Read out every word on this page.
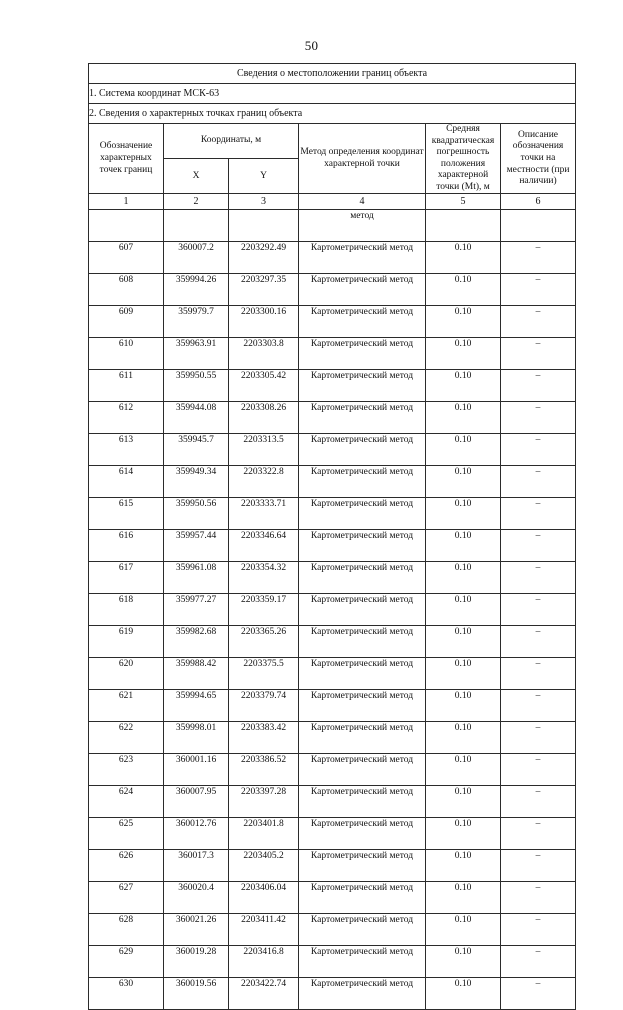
50
Сведения о местоположении границ объекта					
1. Система координат МСК-63					
2. Сведения о характерных точках границ объекта					
Обозначение характерных точек границ	Координаты, м		Метод определения координат характерной точки	Средняя квадратическая погрешность положения характерной точки (Мt), м	Описание обозначения точки на местности (при наличии)
	X	Y			
1	2	3	4	5	6
			метод		
607	360007.2	2203292.49	Картометрический метод	0.10	–
608	359994.26	2203297.35	Картометрический метод	0.10	–
609	359979.7	2203300.16	Картометрический метод	0.10	–
610	359963.91	2203303.8	Картометрический метод	0.10	–
611	359950.55	2203305.42	Картометрический метод	0.10	–
612	359944.08	2203308.26	Картометрический метод	0.10	–
613	359945.7	2203313.5	Картометрический метод	0.10	–
614	359949.34	2203322.8	Картометрический метод	0.10	–
615	359950.56	2203333.71	Картометрический метод	0.10	–
616	359957.44	2203346.64	Картометрический метод	0.10	–
617	359961.08	2203354.32	Картометрический метод	0.10	–
618	359977.27	2203359.17	Картометрический метод	0.10	–
619	359982.68	2203365.26	Картометрический метод	0.10	–
620	359988.42	2203375.5	Картометрический метод	0.10	–
621	359994.65	2203379.74	Картометрический метод	0.10	–
622	359998.01	2203383.42	Картометрический метод	0.10	–
623	360001.16	2203386.52	Картометрический метод	0.10	–
624	360007.95	2203397.28	Картометрический метод	0.10	–
625	360012.76	2203401.8	Картометрический метод	0.10	–
626	360017.3	2203405.2	Картометрический метод	0.10	–
627	360020.4	2203406.04	Картометрический метод	0.10	–
628	360021.26	2203411.42	Картометрический метод	0.10	–
629	360019.28	2203416.8	Картометрический метод	0.10	–
630	360019.56	2203422.74	Картометрический метод	0.10	–
